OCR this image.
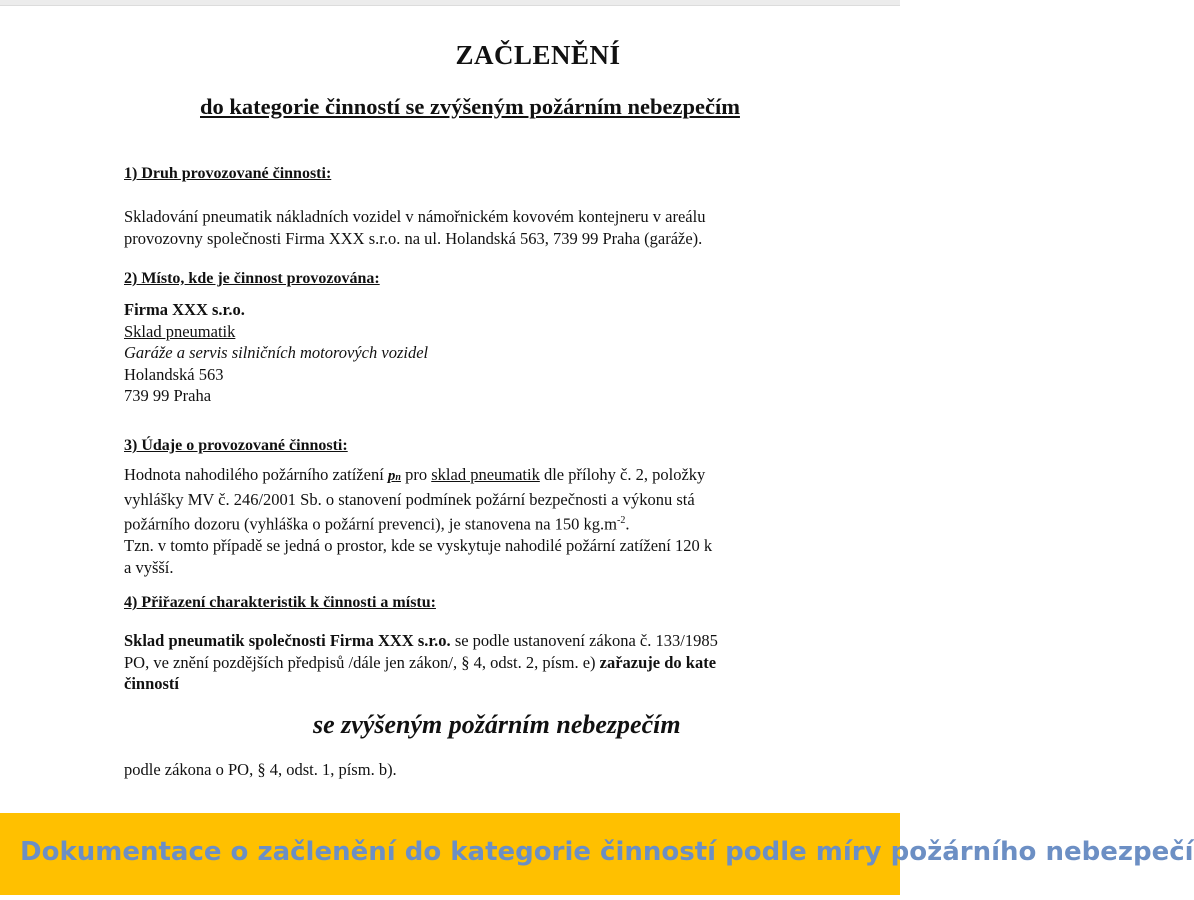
ZAČLENĚNÍ
do kategorie činností se zvýšeným požárním nebezpečím
1) Druh provozované činnosti:
Skladování pneumatik nákladních vozidel v námořnickém kovovém kontejneru v areálu
provozovny společnosti Firma XXX s.r.o. na ul. Holandská 563, 739 99 Praha (garáže).
2) Místo, kde je činnost provozována:
Firma XXX s.r.o.
Sklad pneumatik
Garáže a servis silničních motorových vozidel
Holandská 563
739 99 Praha
3) Údaje o provozované činnosti:
Hodnota nahodilého požárního zatížení pn pro sklad pneumatik dle přílohy č. 2, položky
vyhlášky MV č. 246/2001 Sb. o stanovení podmínek požární bezpečnosti a výkonu stá
požárního dozoru (vyhláška o požární prevenci), je stanovena na 150 $kg.m^{-2}$.
Tzn. v tomto případě se jedná o prostor, kde se vyskytuje nahodilé požární zatížení 120 k
a vyšší.
4) Přiřazení charakteristik k činnosti a místu:
Sklad pneumatik společnosti Firma XXX s.r.o. se podle ustanovení zákona č. 133/1985
PO, ve znění pozdějších předpisů /dále jen zákon/, § 4, odst. 2, písm. e) zařazuje do kate
činností
se zvýšeným požárním nebezpečím
podle zákona o PO, § 4, odst. 1, písm. b).
Dokumentace o začlenění do kategorie činností podle míry požárního nebezpečí
